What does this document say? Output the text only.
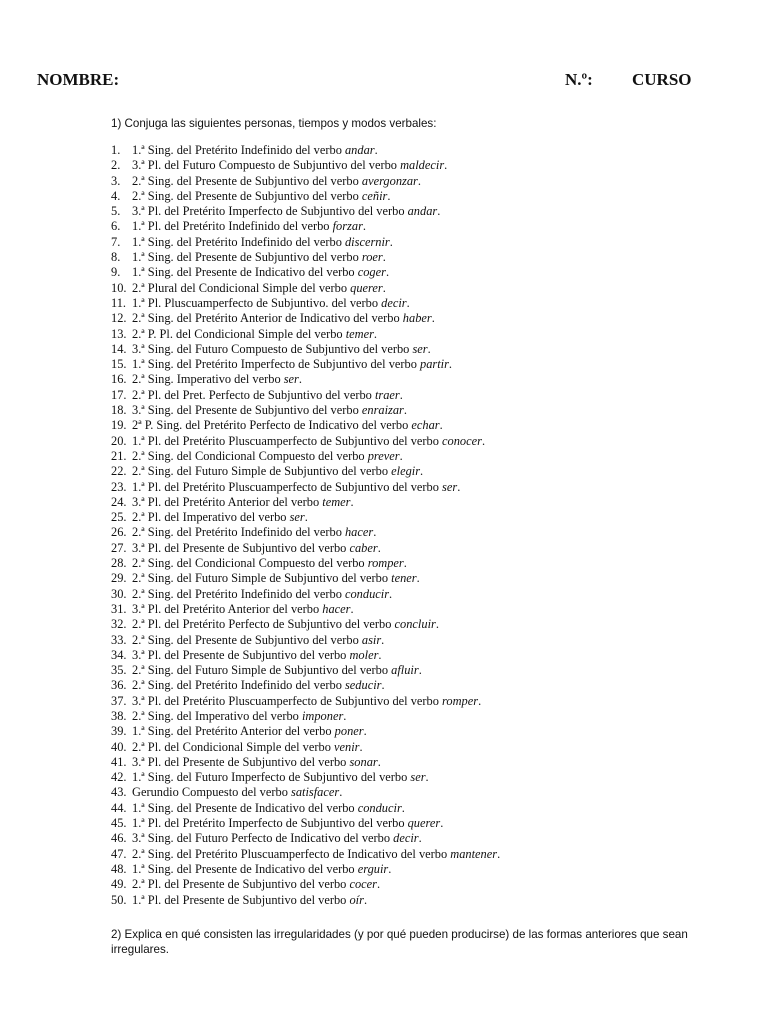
NOMBRE:	N.º: CURSO
1) Conjuga las siguientes personas, tiempos y modos verbales:
1. 1.ª Sing. del Pretérito Indefinido del verbo andar.
2. 3.ª Pl. del Futuro Compuesto de Subjuntivo del verbo maldecir.
3. 2.ª Sing. del Presente de Subjuntivo del verbo avergonzar.
4. 2.ª Sing. del Presente de Subjuntivo del verbo ceñir.
5. 3.ª Pl. del Pretérito Imperfecto de Subjuntivo del verbo andar.
6. 1.ª Pl. del Pretérito Indefinido del verbo forzar.
7. 1.ª Sing. del Pretérito Indefinido del verbo discernir.
8. 1.ª Sing. del Presente de Subjuntivo del verbo roer.
9. 1.ª Sing. del Presente de Indicativo del verbo coger.
10. 2.ª Plural del Condicional Simple del verbo querer.
11. 1.ª Pl. Pluscuamperfecto de Subjuntivo. del verbo decir.
12. 2.ª Sing. del Pretérito Anterior de Indicativo del verbo haber.
13. 2.ª P. Pl. del Condicional Simple del verbo temer.
14. 3.ª Sing. del Futuro Compuesto de Subjuntivo del verbo ser.
15. 1.ª Sing. del Pretérito Imperfecto de Subjuntivo del verbo partir.
16. 2.ª Sing. Imperativo del verbo ser.
17. 2.ª Pl. del Pret. Perfecto de Subjuntivo del verbo traer.
18. 3.ª Sing. del Presente de Subjuntivo del verbo enraizar.
19. 2ª P. Sing. del Pretérito Perfecto de Indicativo del verbo echar.
20. 1.ª Pl. del Pretérito Pluscuamperfecto de Subjuntivo del verbo conocer.
21. 2.ª Sing. del Condicional Compuesto del verbo prever.
22. 2.ª Sing. del Futuro Simple de Subjuntivo del verbo elegir.
23. 1.ª Pl. del Pretérito Pluscuamperfecto de Subjuntivo del verbo ser.
24. 3.ª Pl. del Pretérito Anterior del verbo temer.
25. 2.ª Pl. del Imperativo del verbo ser.
26. 2.ª Sing. del Pretérito Indefinido del verbo hacer.
27. 3.ª Pl. del Presente de Subjuntivo del verbo caber.
28. 2.ª Sing. del Condicional Compuesto del verbo romper.
29. 2.ª Sing. del Futuro Simple de Subjuntivo del verbo tener.
30. 2.ª Sing. del Pretérito Indefinido del verbo conducir.
31. 3.ª Pl. del Pretérito Anterior del verbo hacer.
32. 2.ª Pl. del Pretérito Perfecto de Subjuntivo del verbo concluir.
33. 2.ª Sing. del Presente de Subjuntivo del verbo asir.
34. 3.ª Pl. del Presente de Subjuntivo del verbo moler.
35. 2.ª Sing. del Futuro Simple de Subjuntivo del verbo afluir.
36. 2.ª Sing. del Pretérito Indefinido del verbo seducir.
37. 3.ª Pl. del Pretérito Pluscuamperfecto de Subjuntivo del verbo romper.
38. 2.ª Sing. del Imperativo del verbo imponer.
39. 1.ª Sing. del Pretérito Anterior del verbo poner.
40. 2.ª Pl. del Condicional Simple del verbo venir.
41. 3.ª Pl. del Presente de Subjuntivo del verbo sonar.
42. 1.ª Sing. del Futuro Imperfecto de Subjuntivo del verbo ser.
43. Gerundio Compuesto del verbo satisfacer.
44. 1.ª Sing. del Presente de Indicativo del verbo conducir.
45. 1.ª Pl. del Pretérito Imperfecto de Subjuntivo del verbo querer.
46. 3.ª Sing. del Futuro Perfecto de Indicativo del verbo decir.
47. 2.ª Sing. del Pretérito Pluscuamperfecto de Indicativo del verbo mantener.
48. 1.ª Sing. del Presente de Indicativo del verbo erguir.
49. 2.ª Pl. del Presente de Subjuntivo del verbo cocer.
50. 1.ª Pl. del Presente de Subjuntivo del verbo oír.
2) Explica en qué consisten las irregularidades (y por qué pueden producirse) de las formas anteriores que sean irregulares.
